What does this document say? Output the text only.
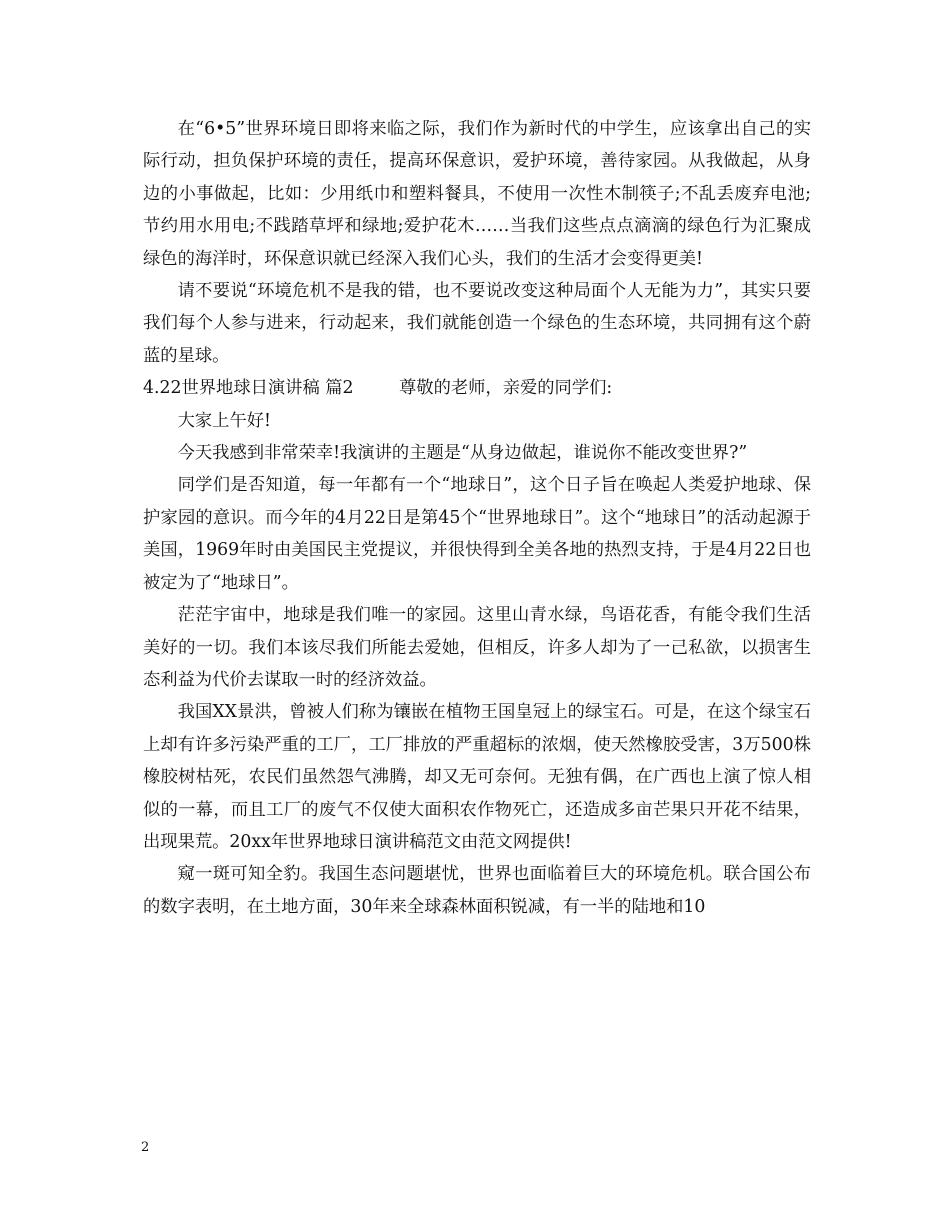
在“6•5”世界环境日即将来临之际，我们作为新时代的中学生，应该拿出自己的实际行动，担负保护环境的责任，提高环保意识，爱护环境，善待家园。从我做起，从身边的小事做起，比如：少用纸巾和塑料餐具，不使用一次性木制筷子;不乱丢废弃电池;节约用水用电;不践踏草坪和绿地;爱护花木……当我们这些点点滴滴的绿色行为汇聚成绿色的海洋时，环保意识就已经深入我们心头，我们的生活才会变得更美!

请不要说“环境危机不是我的错，也不要说改变这种局面个人无能为力”，其实只要我们每个人参与进来，行动起来，我们就能创造一个绿色的生态环境，共同拥有这个蔚蓝的星球。

4.22世界地球日演讲稿 篇2	尊敬的老师，亲爱的同学们:

大家上午好!

今天我感到非常荣幸!我演讲的主题是“从身边做起，谁说你不能改变世界?”

同学们是否知道，每一年都有一个“地球日”，这个日子旨在唤起人类爱护地球、保护家园的意识。而今年的4月22日是第45个“世界地球日”。这个“地球日”的活动起源于美国，1969年时由美国民主党提议，并很快得到全美各地的热烈支持，于是4月22日也被定为了“地球日”。

茫茫宇宙中，地球是我们唯一的家园。这里山青水绿，鸟语花香，有能令我们生活美好的一切。我们本该尽我们所能去爱她，但相反，许多人却为了一己私欲，以损害生态利益为代价去谋取一时的经济效益。

我国XX景洪，曾被人们称为镶嵌在植物王国皇冠上的绿宝石。可是，在这个绿宝石上却有许多污染严重的工厂，工厂排放的严重超标的浓烟，使天然橡胶受害，3万500株橡胶树枯死，农民们虽然怨气沸腾，却又无可奈何。无独有偶，在广西也上演了惊人相似的一幕，而且工厂的废气不仅使大面积农作物死亡，还造成多亩芒果只开花不结果，出现果荒。20xx年世界地球日演讲稿范文由范文网提供!

窥一斑可知全豹。我国生态问题堪忧，世界也面临着巨大的环境危机。联合国公布的数字表明，在土地方面，30年来全球森林面积锐减，有一半的陆地和10

2
